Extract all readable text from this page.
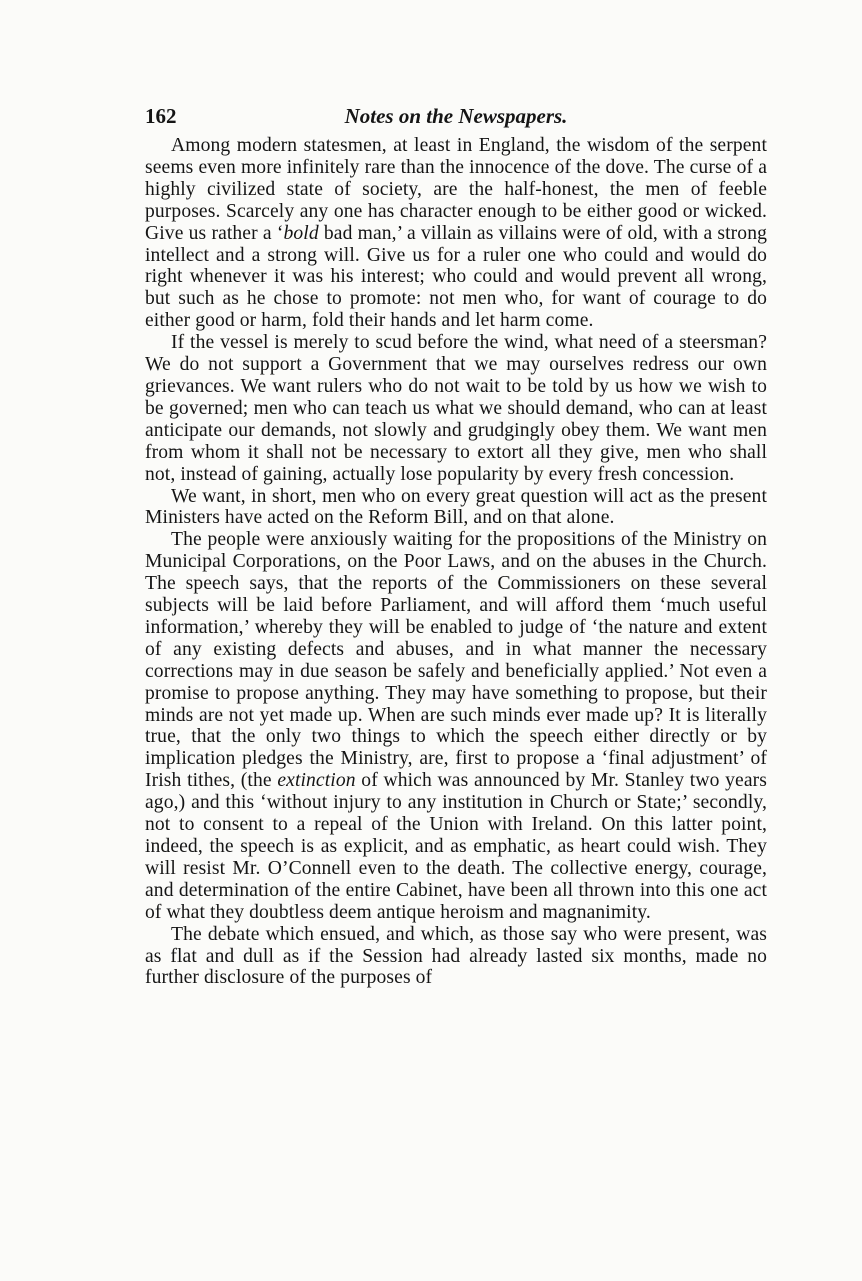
162	Notes on the Newspapers.

Among modern statesmen, at least in England, the wisdom of the serpent seems even more infinitely rare than the innocence of the dove. The curse of a highly civilized state of society, are the half-honest, the men of feeble purposes. Scarcely any one has character enough to be either good or wicked. Give us rather a ‘bold bad man,’ a villain as villains were of old, with a strong intellect and a strong will. Give us for a ruler one who could and would do right whenever it was his interest; who could and would prevent all wrong, but such as he chose to promote: not men who, for want of courage to do either good or harm, fold their hands and let harm come.

If the vessel is merely to scud before the wind, what need of a steersman? We do not support a Government that we may ourselves redress our own grievances. We want rulers who do not wait to be told by us how we wish to be governed; men who can teach us what we should demand, who can at least anticipate our demands, not slowly and grudgingly obey them. We want men from whom it shall not be necessary to extort all they give, men who shall not, instead of gaining, actually lose popularity by every fresh concession.

We want, in short, men who on every great question will act as the present Ministers have acted on the Reform Bill, and on that alone.

The people were anxiously waiting for the propositions of the Ministry on Municipal Corporations, on the Poor Laws, and on the abuses in the Church. The speech says, that the reports of the Commissioners on these several subjects will be laid before Parliament, and will afford them ‘much useful information,’ whereby they will be enabled to judge of ‘the nature and extent of any existing defects and abuses, and in what manner the necessary corrections may in due season be safely and beneficially applied.’ Not even a promise to propose anything. They may have something to propose, but their minds are not yet made up. When are such minds ever made up? It is literally true, that the only two things to which the speech either directly or by implication pledges the Ministry, are, first to propose a ‘final adjustment’ of Irish tithes, (the extinction of which was announced by Mr. Stanley two years ago,) and this ‘without injury to any institution in Church or State;’ secondly, not to consent to a repeal of the Union with Ireland. On this latter point, indeed, the speech is as explicit, and as emphatic, as heart could wish. They will resist Mr. O’Connell even to the death. The collective energy, courage, and determination of the entire Cabinet, have been all thrown into this one act of what they doubtless deem antique heroism and magnanimity.

The debate which ensued, and which, as those say who were present, was as flat and dull as if the Session had already lasted six months, made no further disclosure of the purposes of
